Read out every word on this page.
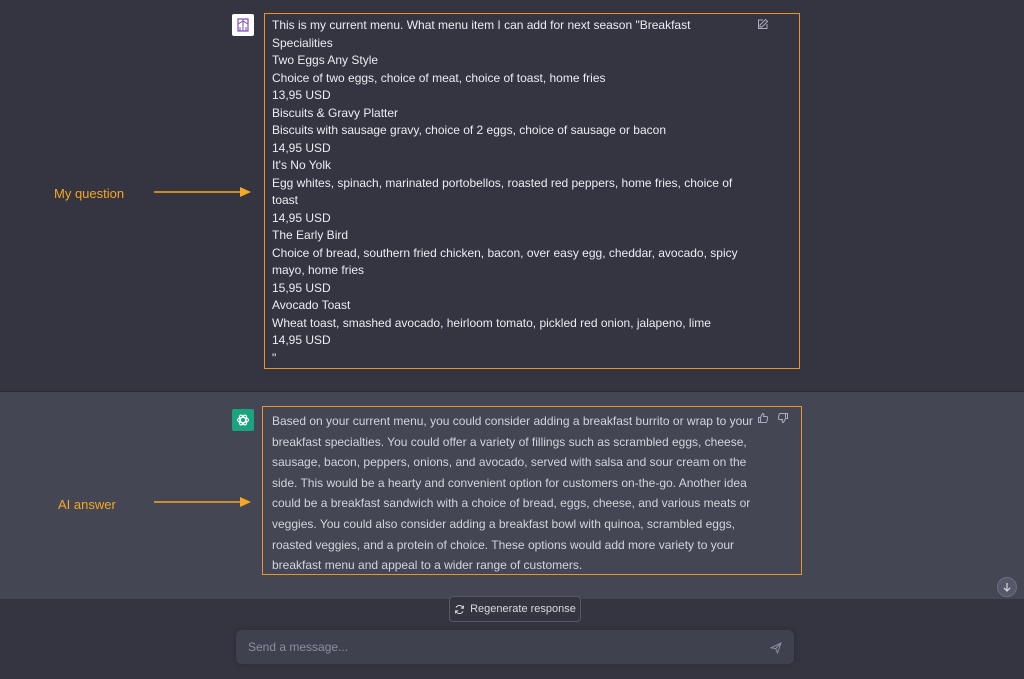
This is my current menu. What menu item I can add for next season "Breakfast
Specialities
Two Eggs Any Style
Choice of two eggs, choice of meat, choice of toast, home fries
13,95 USD
Biscuits & Gravy Platter
Biscuits with sausage gravy, choice of 2 eggs, choice of sausage or bacon
14,95 USD
It's No Yolk
Egg whites, spinach, marinated portobellos, roasted red peppers, home fries, choice of
toast
14,95 USD
The Early Bird
Choice of bread, southern fried chicken, bacon, over easy egg, cheddar, avocado, spicy
mayo, home fries
15,95 USD
Avocado Toast
Wheat toast, smashed avocado, heirloom tomato, pickled red onion, jalapeno, lime
14,95 USD
"
My question

Based on your current menu, you could consider adding a breakfast burrito or wrap to your breakfast specialties. You could offer a variety of fillings such as scrambled eggs, cheese, sausage, bacon, peppers, onions, and avocado, served with salsa and sour cream on the side. This would be a hearty and convenient option for customers on-the-go. Another idea could be a breakfast sandwich with a choice of bread, eggs, cheese, and various meats or veggies. You could also consider adding a breakfast bowl with quinoa, scrambled eggs, roasted veggies, and a protein of choice. These options would add more variety to your breakfast menu and appeal to a wider range of customers.

AI answer
Regenerate response
Send a message...
